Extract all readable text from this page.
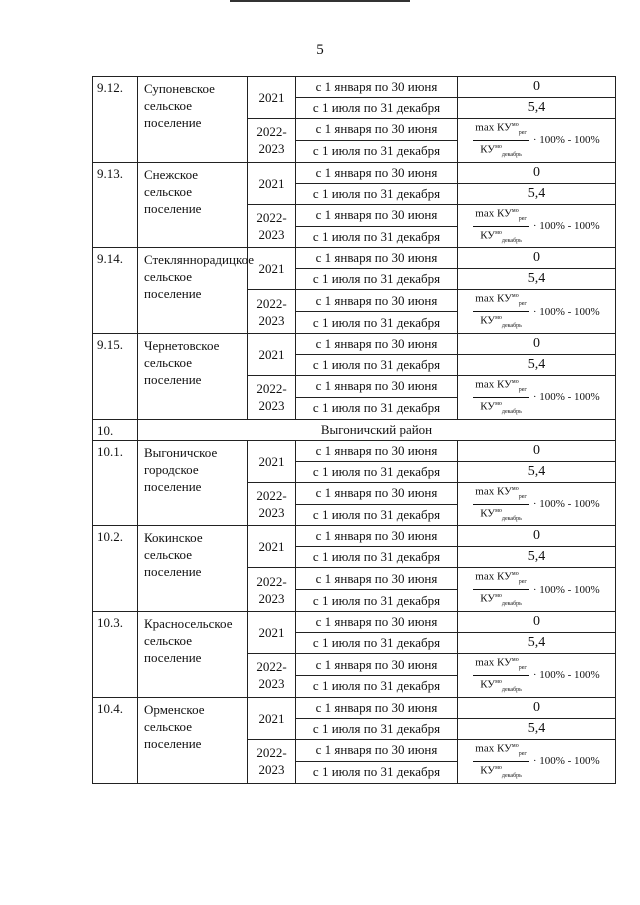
5
9.12.	Супоневское сельское поселение	2021	с 1 января по 30 июня	0
			с 1 июля по 31 декабря	5,4
		2022-2023	с 1 января по 30 июня	$\frac{\max КУ^{мо}_{рег}}{КУ^{мо}_{декабрь}} \cdot 100\% - 100\%$

			с 1 июля по 31 декабря	
9.13.	Снежское сельское поселение	2021	с 1 января по 30 июня	0
			с 1 июля по 31 декабря	5,4
		2022-2023	с 1 января по 30 июня	$\frac{\max КУ^{мо}_{рег}}{КУ^{мо}_{декабрь}} \cdot 100\% - 100\%$

			с 1 июля по 31 декабря	
9.14.	Стекляннорадицкое сельское поселение	2021	с 1 января по 30 июня	0
			с 1 июля по 31 декабря	5,4
		2022-2023	с 1 января по 30 июня	$\frac{\max КУ^{мо}_{рег}}{КУ^{мо}_{декабрь}} \cdot 100\% - 100\%$

			с 1 июля по 31 декабря	
9.15.	Чернетовское сельское поселение	2021	с 1 января по 30 июня	0
			с 1 июля по 31 декабря	5,4
		2022-2023	с 1 января по 30 июня	$\frac{\max КУ^{мо}_{рег}}{КУ^{мо}_{декабрь}} \cdot 100\% - 100\%$

			с 1 июля по 31 декабря	
10.	Выгоничский район			
10.1.	Выгоничское городское поселение	2021	с 1 января по 30 июня	0
			с 1 июля по 31 декабря	5,4
		2022-2023	с 1 января по 30 июня	$\frac{\max КУ^{мо}_{рег}}{КУ^{мо}_{декабрь}} \cdot 100\% - 100\%$

			с 1 июля по 31 декабря	
10.2.	Кокинское сельское поселение	2021	с 1 января по 30 июня	0
			с 1 июля по 31 декабря	5,4
		2022-2023	с 1 января по 30 июня	$\frac{\max КУ^{мо}_{рег}}{КУ^{мо}_{декабрь}} \cdot 100\% - 100\%$

			с 1 июля по 31 декабря	
10.3.	Красносельское сельское поселение	2021	с 1 января по 30 июня	0
			с 1 июля по 31 декабря	5,4
		2022-2023	с 1 января по 30 июня	$\frac{\max КУ^{мо}_{рег}}{КУ^{мо}_{декабрь}} \cdot 100\% - 100\%$

			с 1 июля по 31 декабря	
10.4.	Орменское сельское поселение	2021	с 1 января по 30 июня	0
			с 1 июля по 31 декабря	5,4
		2022-2023	с 1 января по 30 июня	$\frac{\max КУ^{мо}_{рег}}{КУ^{мо}_{декабрь}} \cdot 100\% - 100\%$

			с 1 июля по 31 декабря	
